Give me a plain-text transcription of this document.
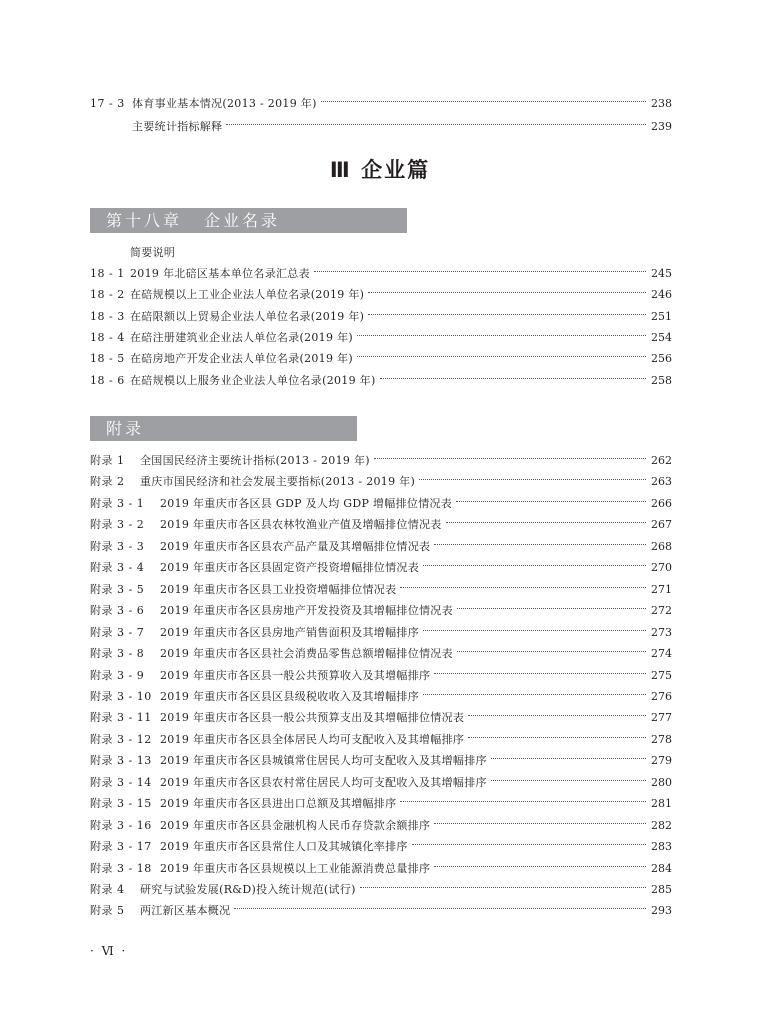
17 - 3 体育事业基本情况(2013 - 2019 年)	238
主要统计指标解释	239
Ⅲ 企业篇
第十八章 企业名录
简要说明
18 - 1 2019 年北碚区基本单位名录汇总表	245
18 - 2 在碚规模以上工业企业法人单位名录(2019 年)	246
18 - 3 在碚限额以上贸易企业法人单位名录(2019 年)	251
18 - 4 在碚注册建筑业企业法人单位名录(2019 年)	254
18 - 5 在碚房地产开发企业法人单位名录(2019 年)	256
18 - 6 在碚规模以上服务业企业法人单位名录(2019 年)	258
附录
附录 1	全国国民经济主要统计指标(2013 - 2019 年)	262
附录 2	重庆市国民经济和社会发展主要指标(2013 - 2019 年)	263
附录 3 - 1	2019 年重庆市各区县 GDP 及人均 GDP 增幅排位情况表	266
附录 3 - 2	2019 年重庆市各区县农林牧渔业产值及增幅排位情况表	267
附录 3 - 3	2019 年重庆市各区县农产品产量及其增幅排位情况表	268
附录 3 - 4	2019 年重庆市各区县固定资产投资增幅排位情况表	270
附录 3 - 5	2019 年重庆市各区县工业投资增幅排位情况表	271
附录 3 - 6	2019 年重庆市各区县房地产开发投资及其增幅排位情况表	272
附录 3 - 7	2019 年重庆市各区县房地产销售面积及其增幅排序	273
附录 3 - 8	2019 年重庆市各区县社会消费品零售总额增幅排位情况表	274
附录 3 - 9	2019 年重庆市各区县一般公共预算收入及其增幅排序	275
附录 3 - 10 2019 年重庆市各区县区县级税收收入及其增幅排序	276
附录 3 - 11 2019 年重庆市各区县一般公共预算支出及其增幅排位情况表	277
附录 3 - 12 2019 年重庆市各区县全体居民人均可支配收入及其增幅排序	278
附录 3 - 13 2019 年重庆市各区县城镇常住居民人均可支配收入及其增幅排序	279
附录 3 - 14 2019 年重庆市各区县农村常住居民人均可支配收入及其增幅排序	280
附录 3 - 15 2019 年重庆市各区县进出口总额及其增幅排序	281
附录 3 - 16 2019 年重庆市各区县金融机构人民币存贷款余额排序	282
附录 3 - 17 2019 年重庆市各区县常住人口及其城镇化率排序	283
附录 3 - 18 2019 年重庆市各区县规模以上工业能源消费总量排序	284
附录 4	研究与试验发展(R&D)投入统计规范(试行)	285
附录 5	两江新区基本概况	293
· Ⅵ ·
